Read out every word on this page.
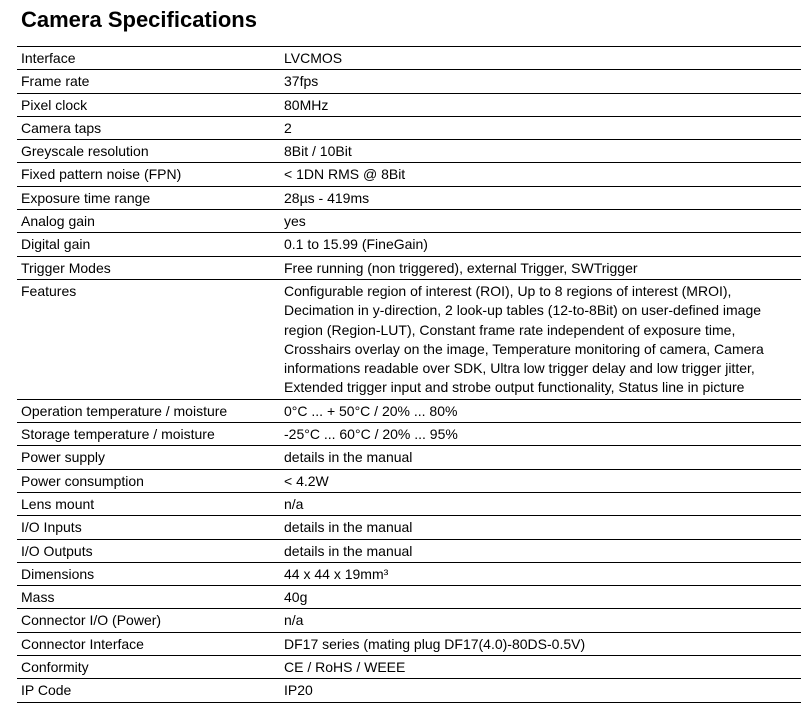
Camera Specifications
Interface	LVCMOS
Frame rate	37fps
Pixel clock	80MHz
Camera taps	2
Greyscale resolution	8Bit / 10Bit
Fixed pattern noise (FPN)	< 1DN RMS @ 8Bit
Exposure time range	28µs - 419ms
Analog gain	yes
Digital gain	0.1 to 15.99 (FineGain)
Trigger Modes	Free running (non triggered), external Trigger, SWTrigger
Features	Configurable region of interest (ROI), Up to 8 regions of interest (MROI), Decimation in y-direction, 2 look-up tables (12-to-8Bit) on user-defined image region (Region-LUT), Constant frame rate independent of exposure time, Crosshairs overlay on the image, Temperature monitoring of camera, Camera informations readable over SDK, Ultra low trigger delay and low trigger jitter, Extended trigger input and strobe output functionality, Status line in picture
Operation temperature / moisture	0°C ... + 50°C / 20% ... 80%
Storage temperature / moisture	-25°C ... 60°C / 20% ... 95%
Power supply	details in the manual
Power consumption	< 4.2W
Lens mount	n/a
I/O Inputs	details in the manual
I/O Outputs	details in the manual
Dimensions	44 x 44 x 19mm³
Mass	40g
Connector I/O (Power)	n/a
Connector Interface	DF17 series (mating plug DF17(4.0)-80DS-0.5V)
Conformity	CE / RoHS / WEEE
IP Code	IP20
